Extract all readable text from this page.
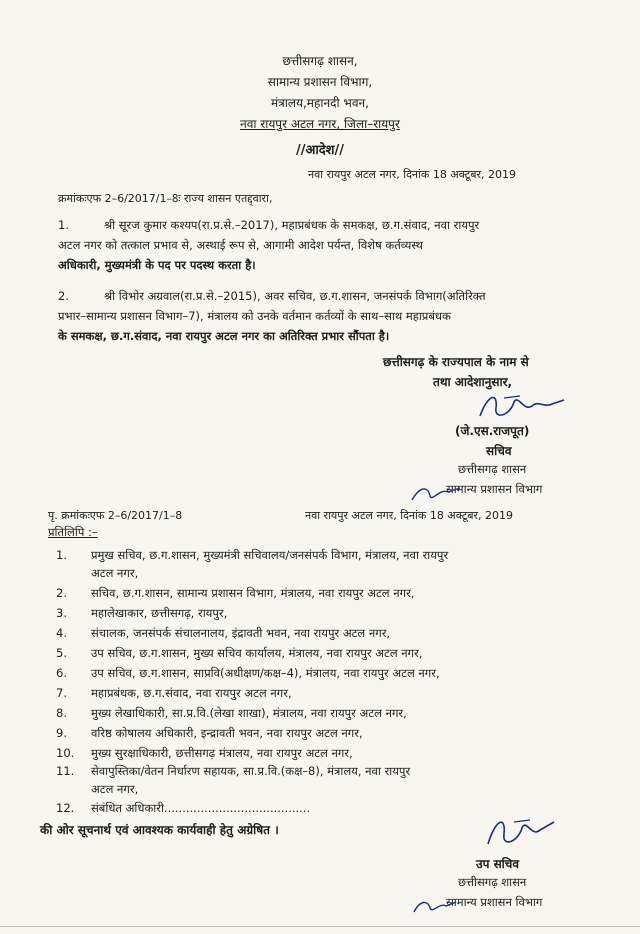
छत्तीसगढ़ शासन,
सामान्य प्रशासन विभाग,
मंत्रालय,महानदी भवन,
नवा रायपुर अटल नगर, जिला–रायपुर
//आदेश//
नवा रायपुर अटल नगर, दिनांक 18 अक्टूबर, 2019
क्रमांकःएफ 2–6/2017/1–8ः राज्य शासन एतद्द्वारा,
1.	श्री सूरज कुमार कश्यप(रा.प्र.से.–2017), महाप्रबंधक के समकक्ष, छ.ग.संवाद, नवा रायपुर
अटल नगर को तत्काल प्रभाव से, अस्थाई रूप से, आगामी आदेश पर्यन्त, विशेष कर्तव्यस्थ
अधिकारी, मुख्यमंत्री के पद पर पदस्थ करता है।
2.	श्री विभोर अग्रवाल(रा.प्र.से.–2015), अवर सचिव, छ.ग.शासन, जनसंपर्क विभाग(अतिरिक्त
प्रभार–सामान्य प्रशासन विभाग–7), मंत्रालय को उनके वर्तमान कर्तव्यों के साथ–साथ महाप्रबंधक
के समकक्ष, छ.ग.संवाद, नवा रायपुर अटल नगर का अतिरिक्त प्रभार सौंपता है।
छत्तीसगढ़ के राज्यपाल के नाम से
तथा आदेशानुसार,
(जे.एस.राजपूत)
सचिव
छत्तीसगढ़ शासन
सामान्य प्रशासन विभाग
पृ. क्रमांकःएफ 2–6/2017/1–8	नवा रायपुर अटल नगर, दिनांक 18 अक्टूबर, 2019
प्रतिलिपि :–
1.	प्रमुख सचिव, छ.ग.शासन, मुख्यमंत्री सचिवालय/जनसंपर्क विभाग, मंत्रालय, नवा रायपुर
अटल नगर,
2.	सचिव, छ.ग.शासन, सामान्य प्रशासन विभाग, मंत्रालय, नवा रायपुर अटल नगर,
3.	महालेखाकार, छत्तीसगढ़, रायपुर,
4.	संचालक, जनसंपर्क संचालनालय, इंद्रावती भवन, नवा रायपुर अटल नगर,
5.	उप सचिव, छ.ग.शासन, मुख्य सचिव कार्यालय, मंत्रालय, नवा रायपुर अटल नगर,
6.	उप सचिव, छ.ग.शासन, साप्रवि(अधीक्षण/कक्ष–4), मंत्रालय, नवा रायपुर अटल नगर,
7.	महाप्रबंधक, छ.ग.संवाद, नवा रायपुर अटल नगर,
8.	मुख्य लेखाधिकारी, सा.प्र.वि.(लेखा शाखा), मंत्रालय, नवा रायपुर अटल नगर,
9.	वरिष्ठ कोषालय अधिकारी, इन्द्रावती भवन, नवा रायपुर अटल नगर,
10.	मुख्य सुरक्षाधिकारी, छत्तीसगढ़ मंत्रालय, नवा रायपुर अटल नगर,
11.	सेवापुस्तिका/वेतन निर्धारण सहायक, सा.प्र.वि.(कक्ष–8), मंत्रालय, नवा रायपुर
अटल नगर,
12.	संबंधित अधिकारी........................................
की ओर सूचनार्थ एवं आवश्यक कार्यवाही हेतु अग्रेषित ।
उप सचिव
छत्तीसगढ़ शासन
सामान्य प्रशासन विभाग
